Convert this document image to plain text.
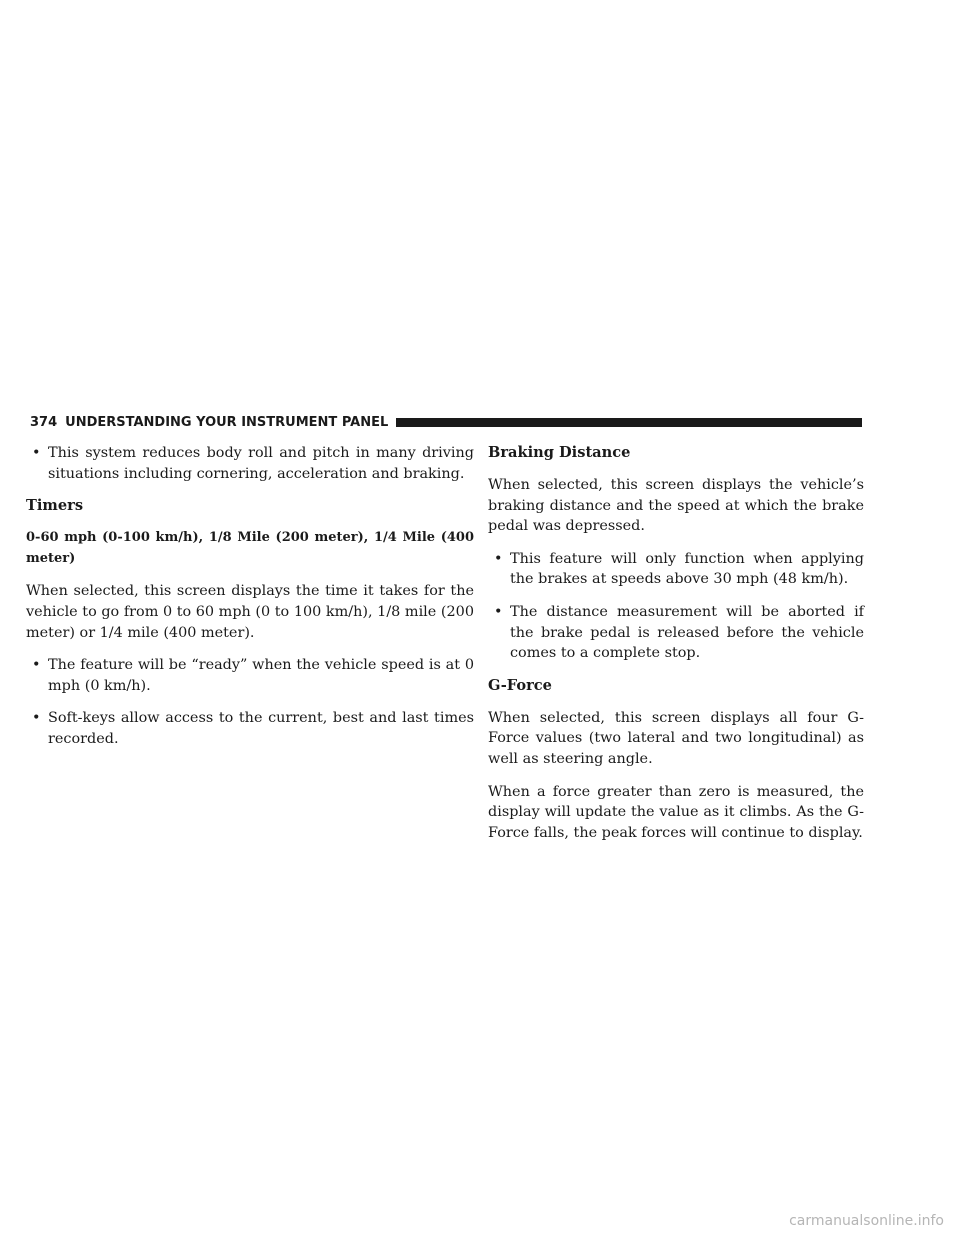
374 UNDERSTANDING YOUR INSTRUMENT PANEL
• This system reduces body roll and pitch in many driving situations including cornering, acceleration and braking.
Timers
0-60 mph (0-100 km/h), 1/8 Mile (200 meter), 1/4 Mile (400 meter)

When selected, this screen displays the time it takes for the vehicle to go from 0 to 60 mph (0 to 100 km/h), 1/8 mile (200 meter) or 1/4 mile (400 meter).

• The feature will be “ready” when the vehicle speed is at 0 mph (0 km/h).
• Soft-keys allow access to the current, best and last times recorded.
Braking Distance

When selected, this screen displays the vehicle’s braking distance and the speed at which the brake pedal was depressed.

• This feature will only function when applying the brakes at speeds above 30 mph (48 km/h).
• The distance measurement will be aborted if the brake pedal is released before the vehicle comes to a complete stop.
G-Force

When selected, this screen displays all four G-Force values (two lateral and two longitudinal) as well as steering angle.

When a force greater than zero is measured, the display will update the value as it climbs. As the G-Force falls, the peak forces will continue to display.

carmanualsonline.info
